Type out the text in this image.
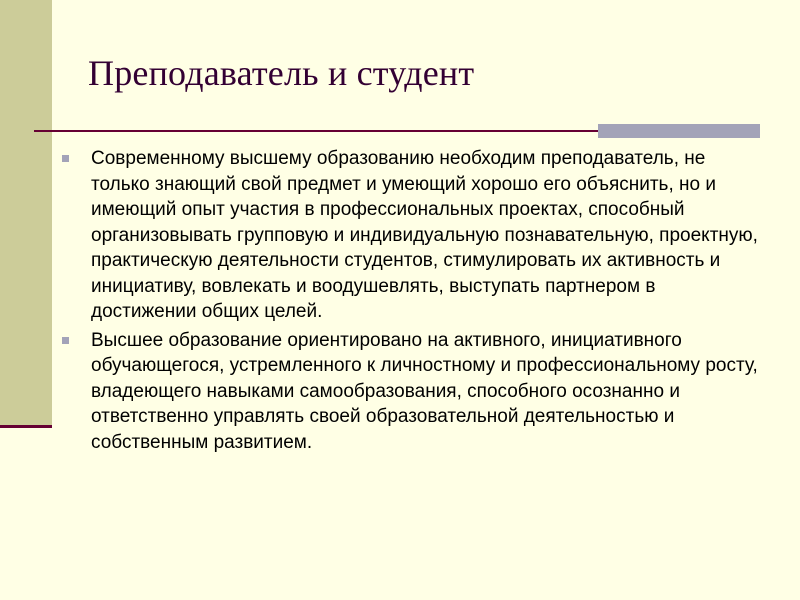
Преподаватель и студент
Современному высшему образованию необходим преподаватель, не только знающий свой предмет и умеющий хорошо его объяснить, но и имеющий опыт участия в профессиональных проектах, способный организовывать групповую и индивидуальную познавательную, проектную, практическую деятельности студентов, стимулировать их активность и инициативу, вовлекать и воодушевлять, выступать партнером в достижении общих целей.
Высшее образование ориентировано на активного, инициативного обучающегося, устремленного к личностному и профессиональному росту, владеющего навыками самообразования, способного осознанно и ответственно управлять своей образовательной деятельностью и собственным развитием.
